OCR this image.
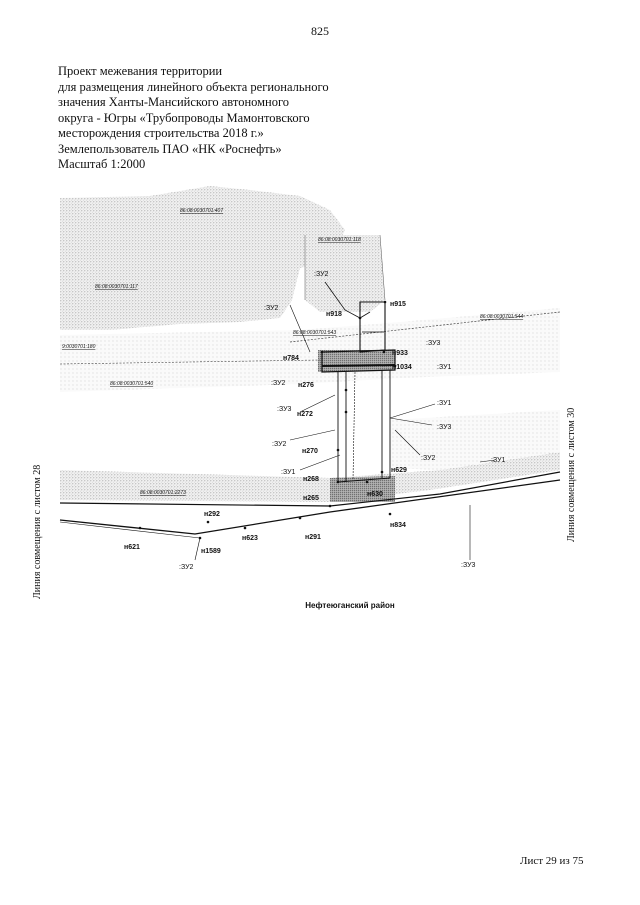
825
Проект межевания территории
для размещения линейного объекта регионального
значения Ханты-Мансийского автономного
округа - Югры «Трубопроводы Мамонтовского
месторождения строительства 2018 г.»
Землепользователь ПАО «НК «Роснефть»
Масштаб 1:2000
86:08:0030701:407
86:08:0030701:118
86:08:0030701:117
86:08:0030701:544
86:08:0030701:543
9:0030701:180
86:08:0030701:540
86:08:0030701:2273
:ЗУ2
:ЗУ2
:ЗУ3
:ЗУ1
:ЗУ2
:ЗУ1
:ЗУ3
:ЗУ3
:ЗУ2
:ЗУ2	:ЗУ1
:ЗУ1
:ЗУ2	:ЗУ3
н915
н918
н933
н784
н1034
н276
н272
н270
н629
н268
н630
н265
н292
н834
н621
н623	н291
н1589
Линия совмещения с листом 28	Линия совмещения с листом 30
Нефтеюганский район
Лист 29 из 75
